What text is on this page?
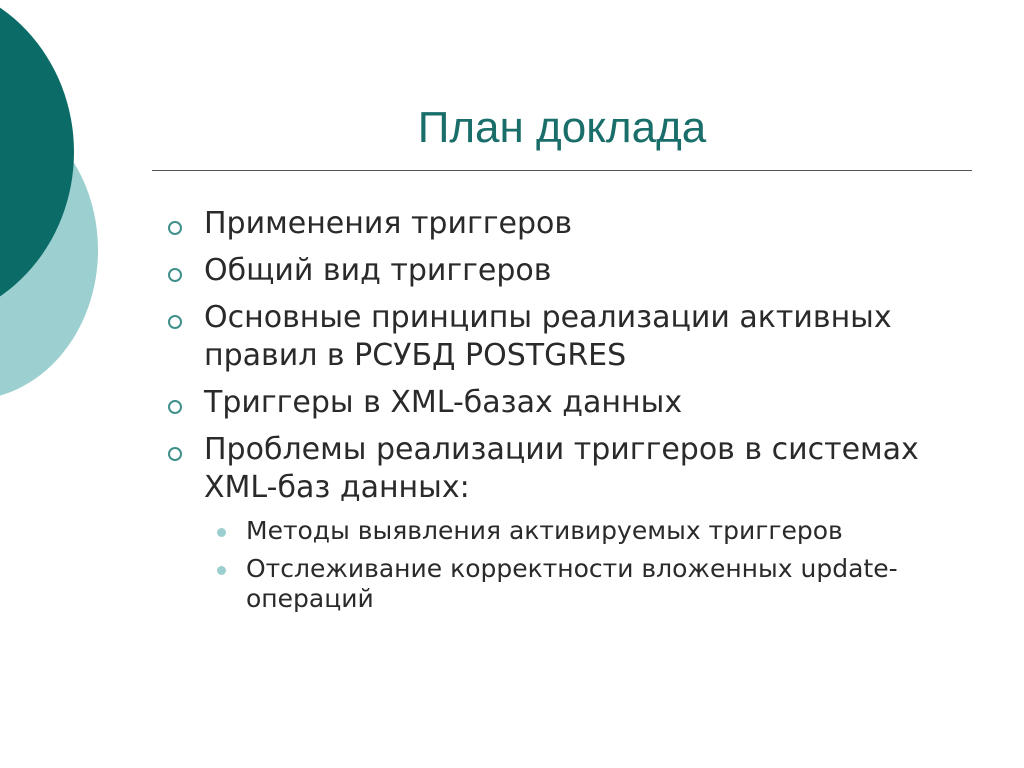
План доклада
Применения триггеров
Общий вид триггеров
Основные принципы реализации активных правил в РСУБД POSTGRES
Триггеры в XML-базах данных
Проблемы реализации триггеров в системах XML-баз данных:
Методы выявления активируемых триггеров
Отслеживание корректности вложенных update-операций
